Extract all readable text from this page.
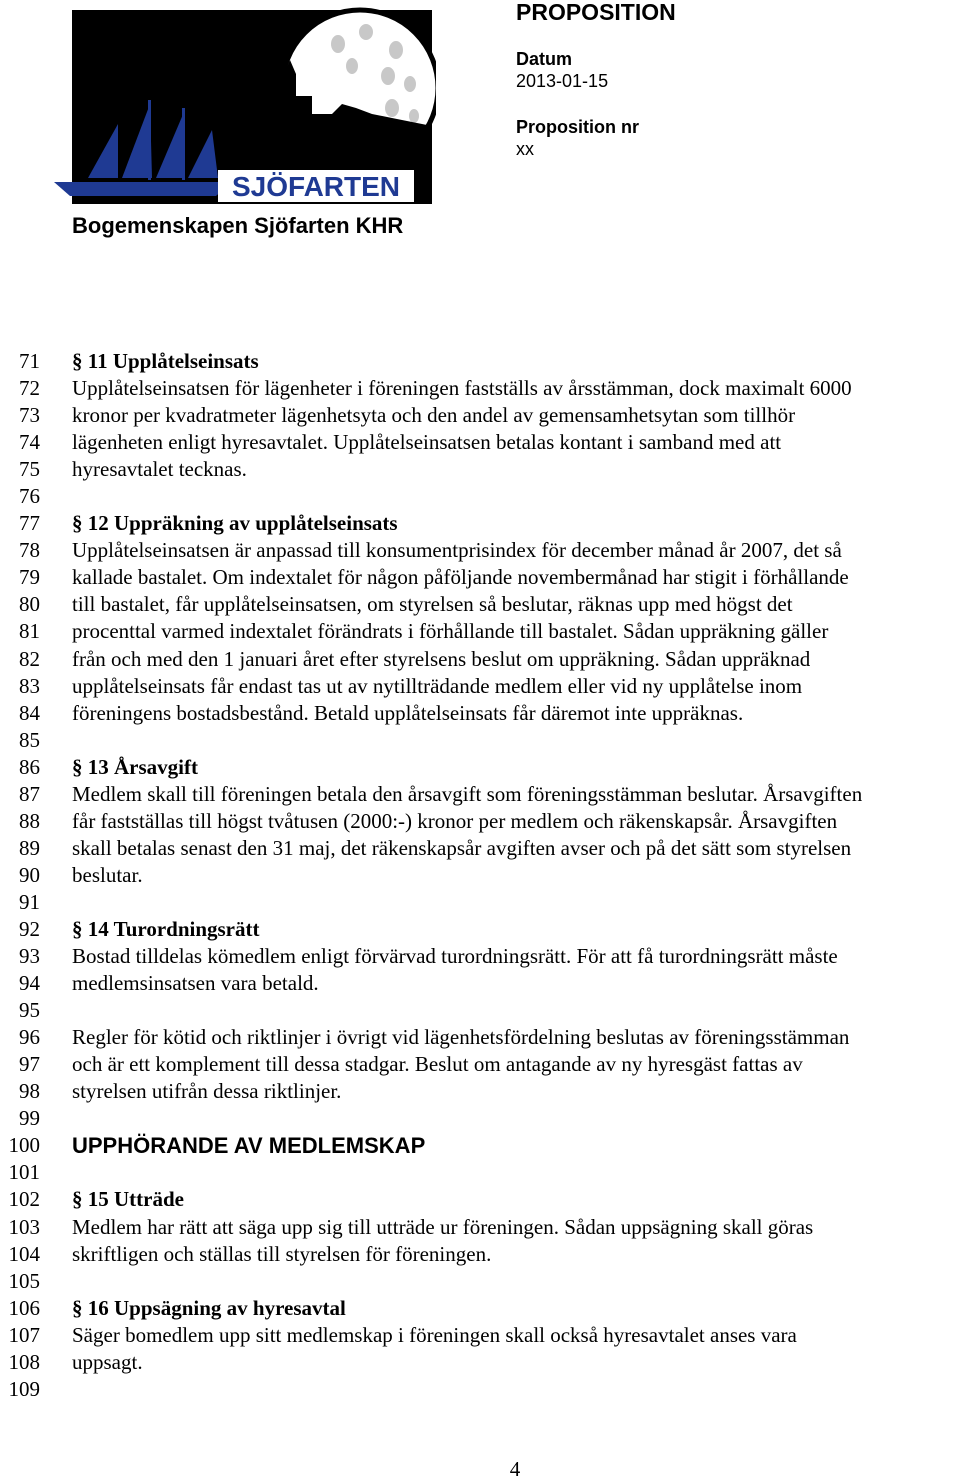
SJÖFARTEN

PROPOSITION

Datum

2013-01-15

Proposition nr

xx

Bogemenskapen Sjöfarten KHR

71
72
73
74
75
76
77
78
79
80
81
82
83
84
85
86
87
88
89
90
91
92
93
94
95
96
97
98
99
100
101
102
103
104
105
106
107
108
109

§ 11 Upplåtelseinsats

Upplåtelseinsatsen för lägenheter i föreningen fastställs av årsstämman, dock maximalt 6000

kronor per kvadratmeter lägenhetsyta och den andel av gemensamhetsytan som tillhör

lägenheten enligt hyresavtalet. Upplåtelseinsatsen betalas kontant i samband med att

hyresavtalet tecknas.

§ 12 Uppräkning av upplåtelseinsats

Upplåtelseinsatsen är anpassad till konsumentprisindex för december månad år 2007, det så

kallade bastalet. Om indextalet för någon påföljande novembermånad har stigit i förhållande

till bastalet, får upplåtelseinsatsen, om styrelsen så beslutar, räknas upp med högst det

procenttal varmed indextalet förändrats i förhållande till bastalet. Sådan uppräkning gäller

från och med den 1 januari året efter styrelsens beslut om uppräkning. Sådan uppräknad

upplåtelseinsats får endast tas ut av nytillträdande medlem eller vid ny upplåtelse inom

föreningens bostadsbestånd. Betald upplåtelseinsats får däremot inte uppräknas.

§ 13 Årsavgift

Medlem skall till föreningen betala den årsavgift som föreningsstämman beslutar. Årsavgiften

får fastställas till högst tvåtusen (2000:-) kronor per medlem och räkenskapsår. Årsavgiften

skall betalas senast den 31 maj, det räkenskapsår avgiften avser och på det sätt som styrelsen

beslutar.

§ 14 Turordningsrätt

Bostad tilldelas kömedlem enligt förvärvad turordningsrätt. För att få turordningsrätt måste

medlemsinsatsen vara betald.

Regler för kötid och riktlinjer i övrigt vid lägenhetsfördelning beslutas av föreningsstämman

och är ett komplement till dessa stadgar. Beslut om antagande av ny hyresgäst fattas av

styrelsen utifrån dessa riktlinjer.

UPPHÖRANDE AV MEDLEMSKAP

§ 15 Utträde

Medlem har rätt att säga upp sig till utträde ur föreningen. Sådan uppsägning skall göras

skriftligen och ställas till styrelsen för föreningen.

§ 16 Uppsägning av hyresavtal

Säger bomedlem upp sitt medlemskap i föreningen skall också hyresavtalet anses vara

uppsagt.

4
